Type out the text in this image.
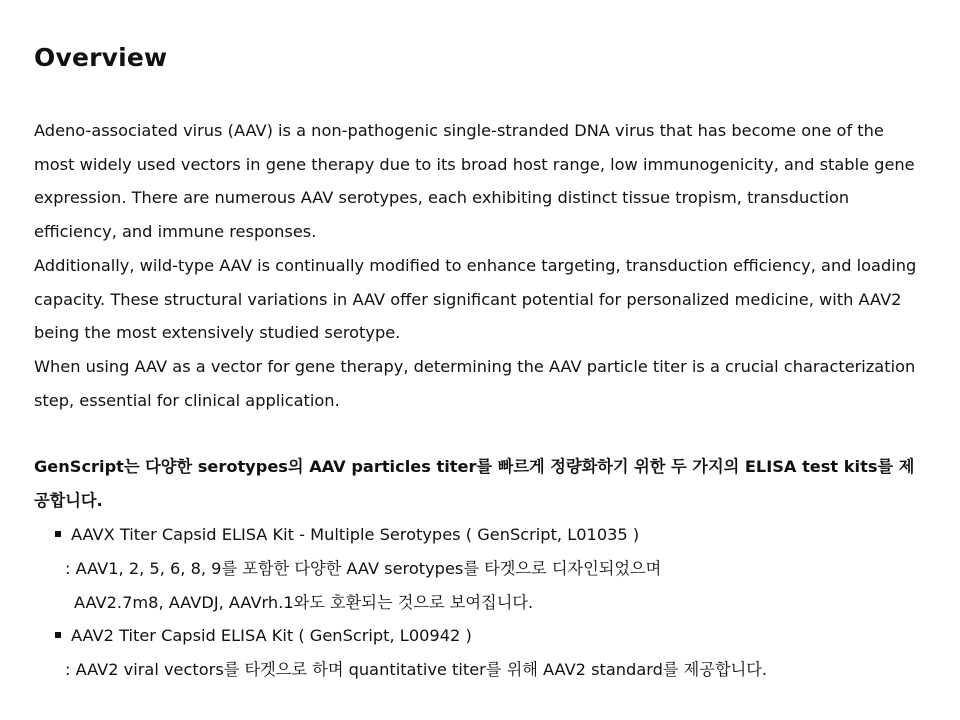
Overview

Adeno-associated virus (AAV) is a non-pathogenic single-stranded DNA virus that has become one of the most widely used vectors in gene therapy due to its broad host range, low immunogenicity, and stable gene expression. There are numerous AAV serotypes, each exhibiting distinct tissue tropism, transduction efficiency, and immune responses.

Additionally, wild-type AAV is continually modified to enhance targeting, transduction efficiency, and loading capacity. These structural variations in AAV offer significant potential for personalized medicine, with AAV2 being the most extensively studied serotype.

When using AAV as a vector for gene therapy, determining the AAV particle titer is a crucial characterization step, essential for clinical application.

GenScript는 다양한 serotypes의 AAV particles titer를 빠르게 정량화하기 위한 두 가지의 ELISA test kits를 제공합니다.
AAVX Titer Capsid ELISA Kit - Multiple Serotypes ( GenScript, L01035 )
: AAV1, 2, 5, 6, 8, 9를 포함한 다양한 AAV serotypes를 타겟으로 디자인되었으며
AAV2.7m8, AAVDJ, AAVrh.1와도 호환되는 것으로 보여집니다.
AAV2 Titer Capsid ELISA Kit ( GenScript, L00942 )
: AAV2 viral vectors를 타겟으로 하며 quantitative titer를 위해 AAV2 standard를 제공합니다.
